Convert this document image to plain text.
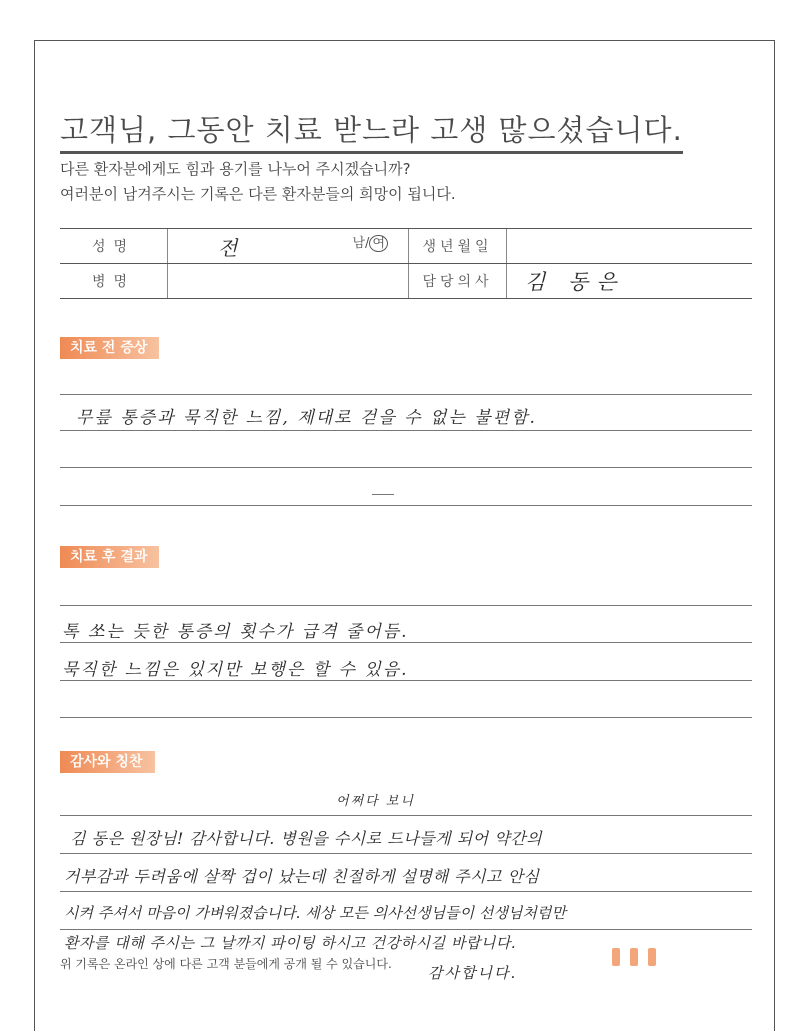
고객님, 그동안 치료 받느라 고생 많으셨습니다.
다른 환자분에게도 힘과 용기를 나누어 주시겠습니까?
여러분이 남겨주시는 기록은 다른 환자분들의 희망이 됩니다.
성명	전 남/ 여	생년월일	
병명		담당의사	김 동은
치료 전 증상
무릎 통증과 묵직한 느낌, 제대로 걷을 수 없는 불편함.
치료 후 결과
톡 쏘는 듯한 통증의 횟수가 급격 줄어듬.
묵직한 느낌은 있지만 보행은 할 수 있음.
감사와 칭찬
어쩌다 보니
김 동은 원장님! 감사합니다. 병원을 수시로 드나들게 되어 약간의
거부감과 두려움에 살짝 겁이 났는데 친절하게 설명해 주시고 안심
시켜 주셔서 마음이 가벼워졌습니다. 세상 모든 의사선생님들이 선생님처럼만
환자를 대해 주시는 그 날까지 파이팅 하시고 건강하시길 바랍니다.
위 기록은 온라인 상에 다른 고객 분들에게 공개 될 수 있습니다. 감사합니다.
